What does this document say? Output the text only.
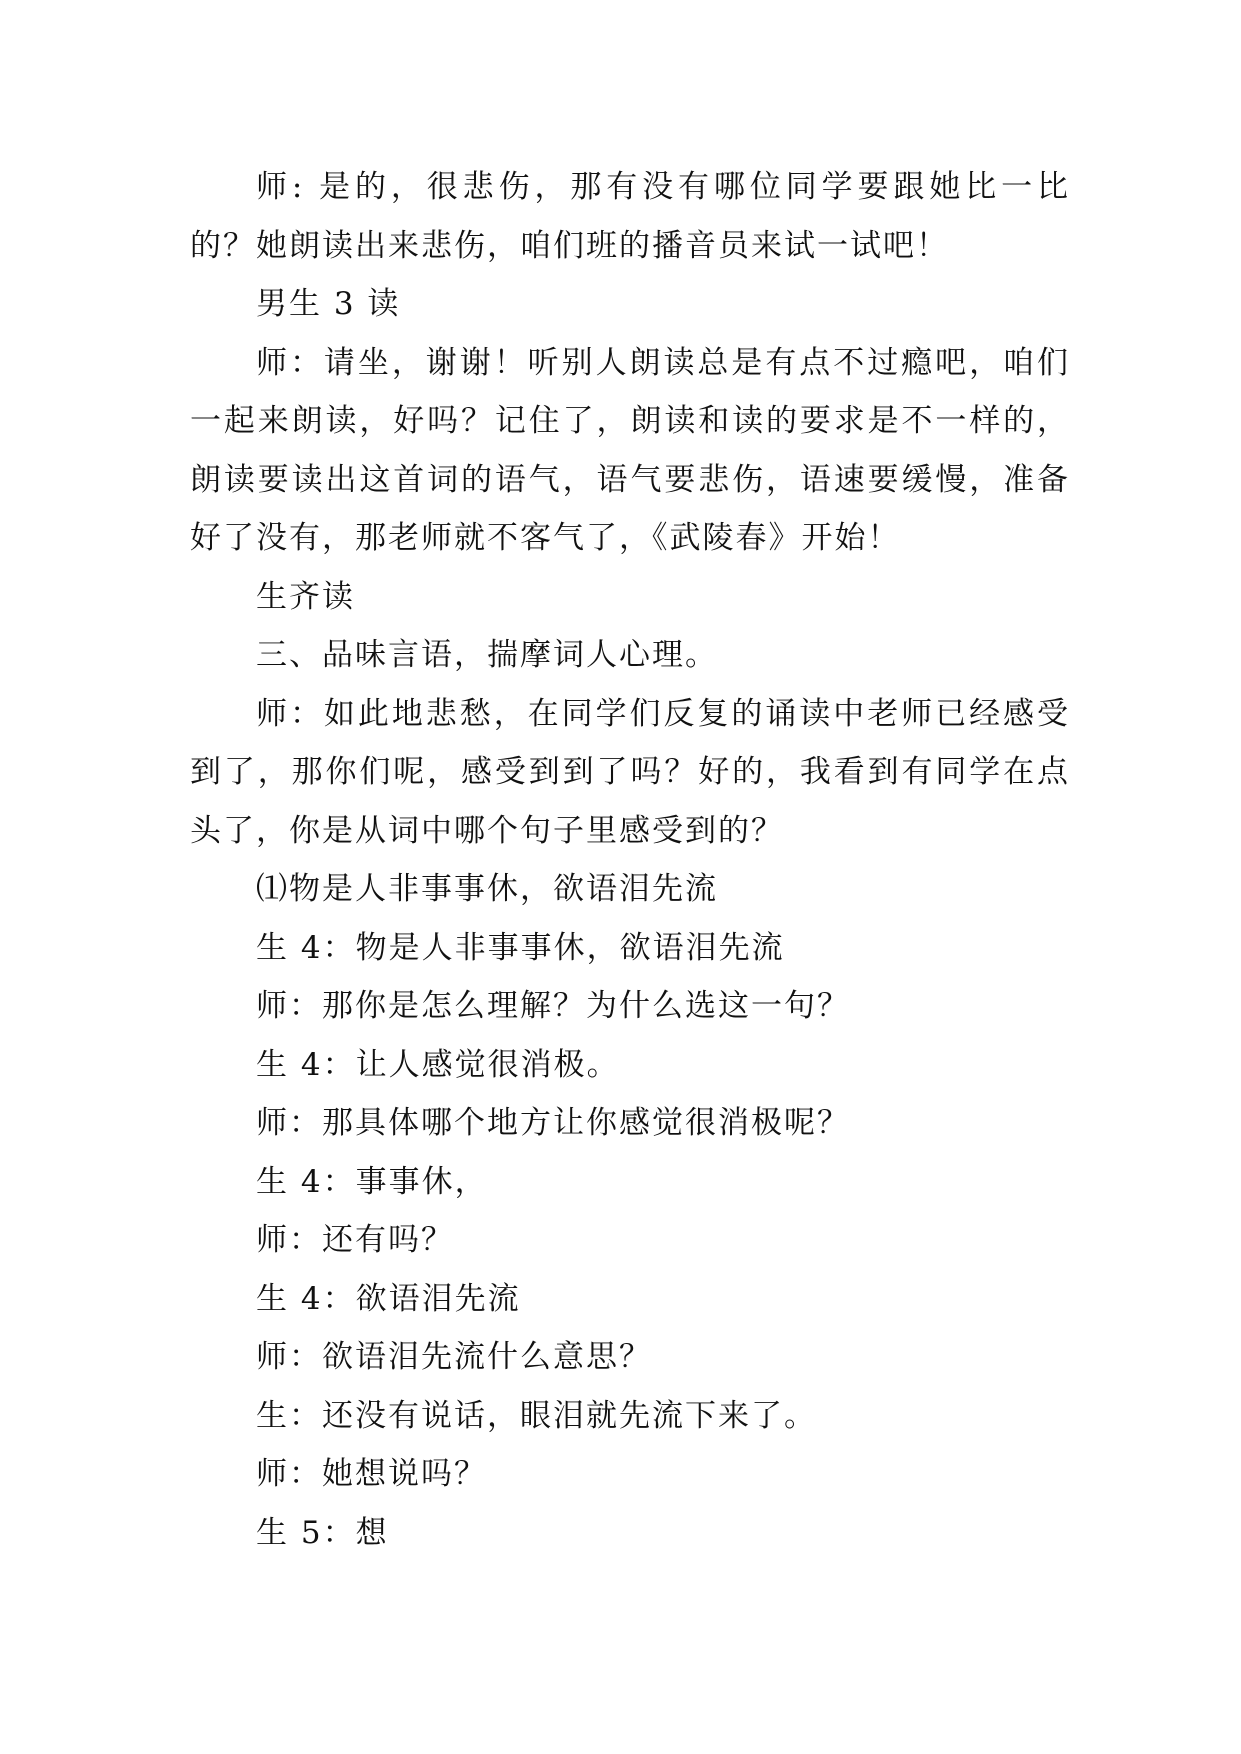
师: 是的，很悲伤，那有没有哪位同学要跟她比一比的？她朗读出来悲伤，咱们班的播音员来试一试吧！

男生 3 读

师：请坐，谢谢！听别人朗读总是有点不过瘾吧，咱们一起来朗读，好吗？记住了，朗读和读的要求是不一样的，朗读要读出这首词的语气，语气要悲伤，语速要缓慢，准备好了没有，那老师就不客气了，《武陵春》开始！

生齐读

三、品味言语，揣摩词人心理。

师：如此地悲愁，在同学们反复的诵读中老师已经感受到了，那你们呢，感受到到了吗？好的，我看到有同学在点头了，你是从词中哪个句子里感受到的？

⑴物是人非事事休，欲语泪先流

生 4：物是人非事事休，欲语泪先流

师：那你是怎么理解？为什么选这一句？

生 4：让人感觉很消极。

师：那具体哪个地方让你感觉很消极呢？

生 4：事事休，

师：还有吗？

生 4：欲语泪先流

师：欲语泪先流什么意思？

生：还没有说话，眼泪就先流下来了。

师：她想说吗？

生 5：想
